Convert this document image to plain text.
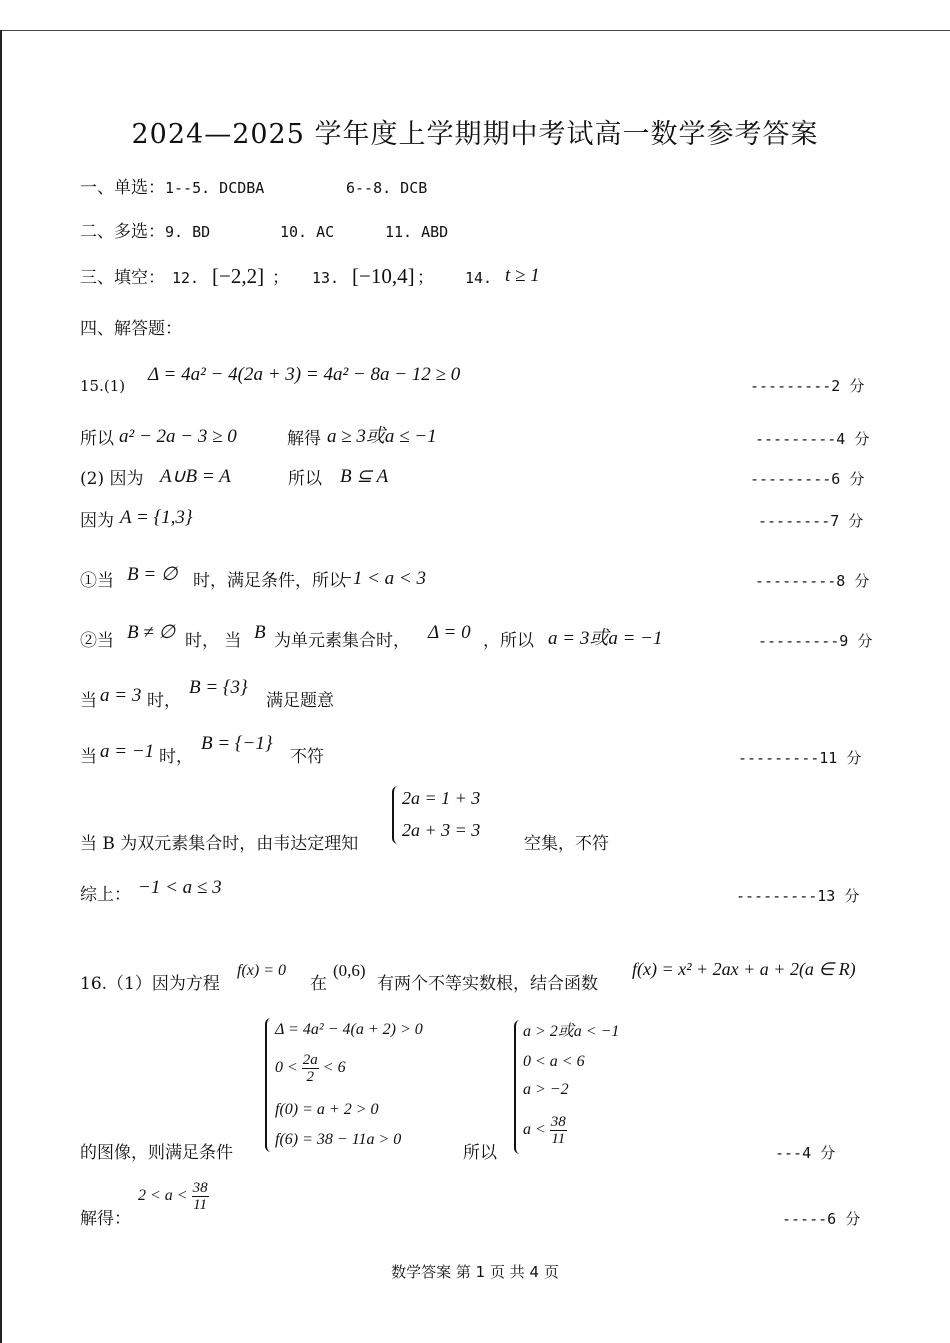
2024—2025 学年度上学期期中考试高一数学参考答案
一、单选：1--5. DCDBA	6--8. DCB
二、多选：9. BD	10. AC	11. ABD
三、填空： 12. [−2,2] ； 13. [−10,4] ； 14. t ≥ 1
四、解答题：
15.(1)
Δ = 4a² − 4(2a + 3) = 4a² − 8a − 12 ≥ 0
---------2 分
所以 a² − 2a − 3 ≥ 0	解得 a ≥ 3或a ≤ −1	---------4 分
(2) 因为 A∪B = A	所以 B ⊆ A	---------6 分
因为 A = {1,3}	--------7 分
①当 B = ∅ 时，满足条件，所以
−1 < a < 3	---------8 分
②当 B ≠ ∅ 时， 当 B 为单元素集合时， Δ = 0 ，所以 a = 3或a = −1	---------9 分
当 a = 3 时，
B = {3}
满足题意
当 a = −1 时，
B = {−1}
不符	---------11 分
当 B 为双元素集合时，由韦达定理知
2a = 1 + 3
2a + 3 = 3
空集，不符
综上： −1 < a ≤ 3	---------13 分
16.（1）因为方程
f(x) = 0
在
(0,6)
有两个不等实数根，结合函数
f(x) = x² + 2ax + a + 2(a ∈ R)
的图像，则满足条件
Δ = 4a² − 4(a + 2) > 0
$0 < \frac{2a}{2} < 6$
f(0) = a + 2 > 0
f(6) = 38 − 11a > 0
所以
a > 2或a < −1
0 < a < 6
a > −2
$a < \frac{38}{11}$
---4 分
解得：
$2 < a < \frac{38}{11}$
-----6 分
数学答案 第 1 页 共 4 页
